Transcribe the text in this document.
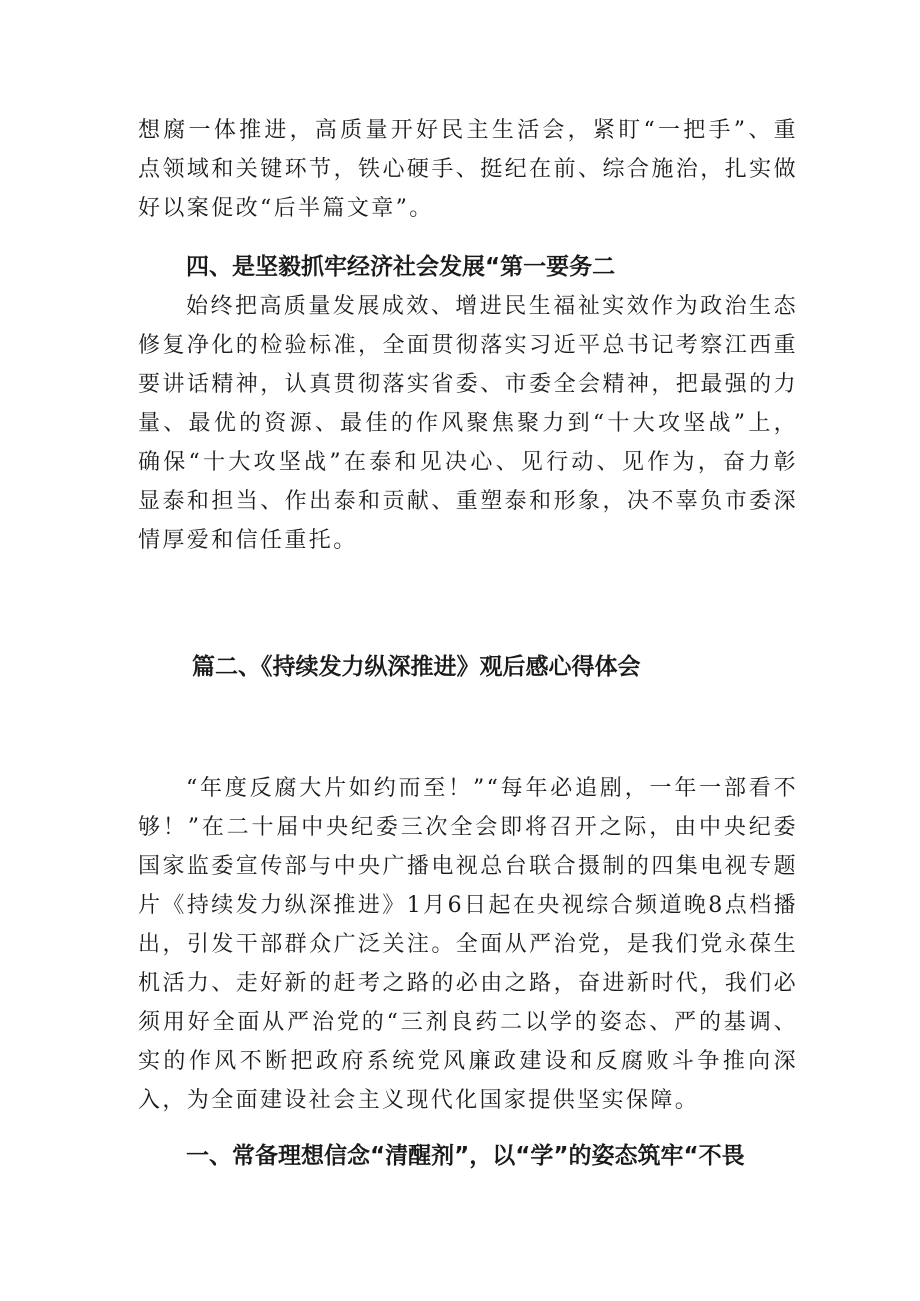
想腐一体推进，高质量开好民主生活会，紧盯“一把手”、重点领域和关键环节，铁心硬手、挺纪在前、综合施治，扎实做好以案促改“后半篇文章”。

四、是坚毅抓牢经济社会发展“第一要务二

始终把高质量发展成效、增进民生福祉实效作为政治生态修复净化的检验标准，全面贯彻落实习近平总书记考察江西重要讲话精神，认真贯彻落实省委、市委全会精神，把最强的力量、最优的资源、最佳的作风聚焦聚力到“十大攻坚战”上，确保“十大攻坚战”在泰和见决心、见行动、见作为，奋力彰显泰和担当、作出泰和贡献、重塑泰和形象，决不辜负市委深情厚爱和信任重托。

篇二、《持续发力纵深推进》观后感心得体会

“年度反腐大片如约而至！”“每年必追剧，一年一部看不够！”在二十届中央纪委三次全会即将召开之际，由中央纪委国家监委宣传部与中央广播电视总台联合摄制的四集电视专题片《持续发力纵深推进》1月6日起在央视综合频道晚8点档播出，引发干部群众广泛关注。全面从严治党，是我们党永葆生机活力、走好新的赶考之路的必由之路，奋进新时代，我们必须用好全面从严治党的“三剂良药二以学的姿态、严的基调、实的作风不断把政府系统党风廉政建设和反腐败斗争推向深入，为全面建设社会主义现代化国家提供坚实保障。

一、常备理想信念“清醒剂”，以“学”的姿态筑牢“不畏
